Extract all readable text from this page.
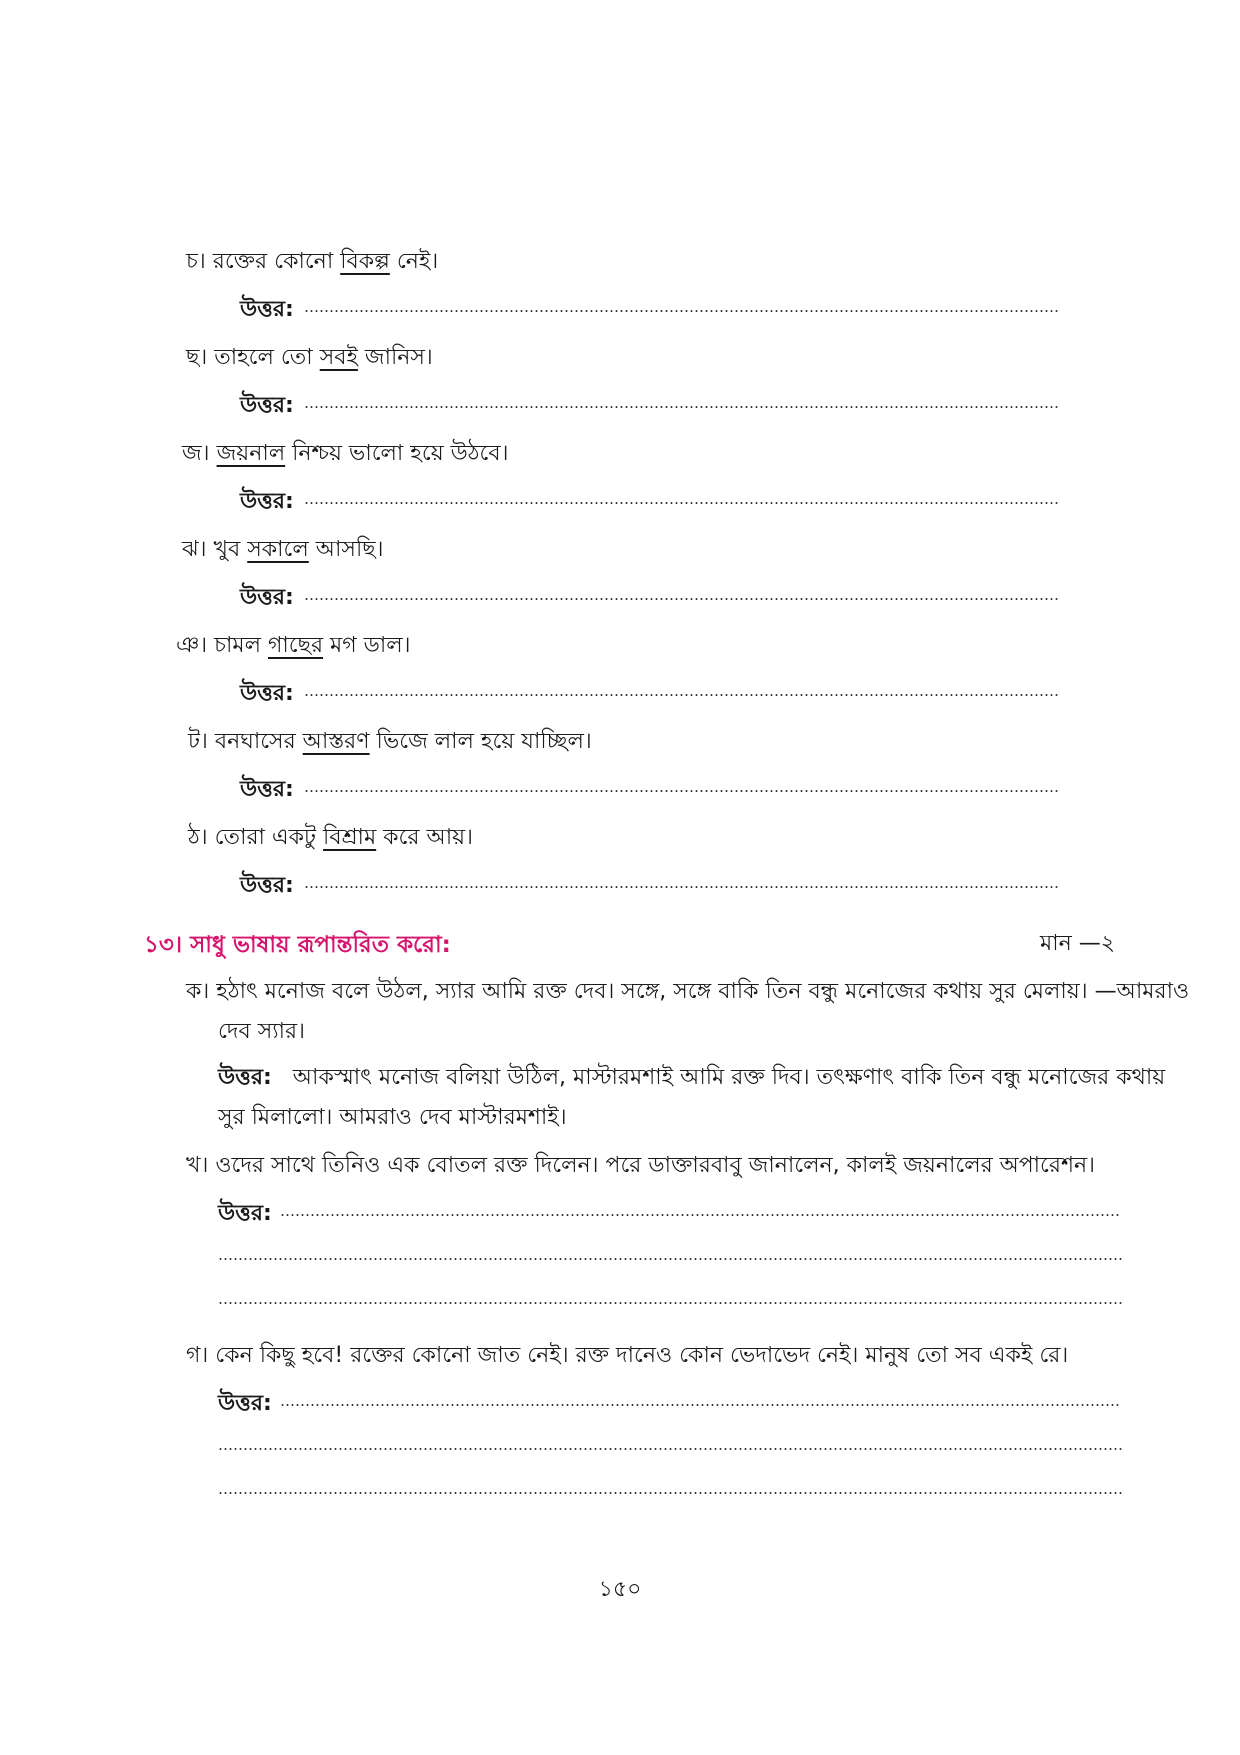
চ। রক্তের কোনো বিকল্প নেই।
উত্তর:
ছ। তাহলে তো সবই জানিস।
উত্তর:
জ। জয়নাল নিশ্চয় ভালো হয়ে উঠবে।
উত্তর:
ঝ। খুব সকালে আসছি।
উত্তর:
ঞ। চামল গাছের মগ ডাল।
উত্তর:
ট। বনঘাসের আস্তরণ ভিজে লাল হয়ে যাচ্ছিল।
উত্তর:
ঠ। তোরা একটু বিশ্রাম করে আয়।
উত্তর:
১৩। সাধু ভাষায় রূপান্তরিত করো:	মান —২
ক। হঠাৎ মনোজ বলে উঠল, স্যার আমি রক্ত দেব। সঙ্গে, সঙ্গে বাকি তিন বন্ধু মনোজের কথায় সুর মেলায়। —আমরাও
দেব স্যার।
উত্তর: আকস্মাৎ মনোজ বলিয়া উঠিল, মাস্টারমশাই আমি রক্ত দিব। তৎক্ষণাৎ বাকি তিন বন্ধু মনোজের কথায়
সুর মিলালো। আমরাও দেব মাস্টারমশাই।
খ। ওদের সাথে তিনিও এক বোতল রক্ত দিলেন। পরে ডাক্তারবাবু জানালেন, কালই জয়নালের অপারেশন।
উত্তর:
গ। কেন কিছু হবে! রক্তের কোনো জাত নেই। রক্ত দানেও কোন ভেদাভেদ নেই। মানুষ তো সব একই রে।
উত্তর:
১৫০
